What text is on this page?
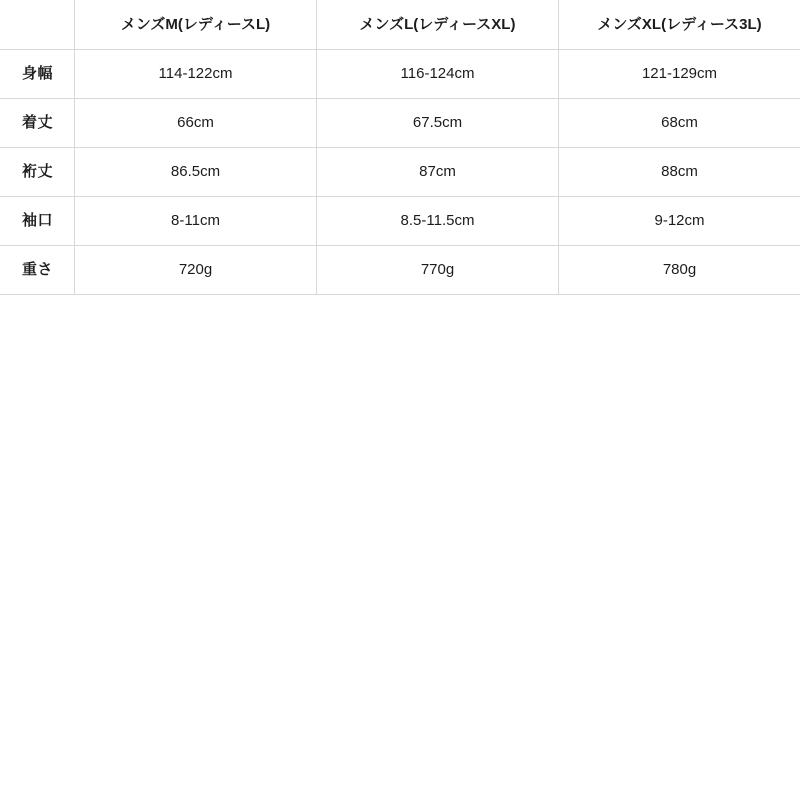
	メンズM(レディースL)	メンズL(レディースXL)	メンズXL(レディース3L)
身幅	114-122cm	116-124cm	121-129cm
着丈	66cm	67.5cm	68cm
裄丈	86.5cm	87cm	88cm
袖口	8-11cm	8.5-11.5cm	9-12cm
重さ	720g	770g	780g
